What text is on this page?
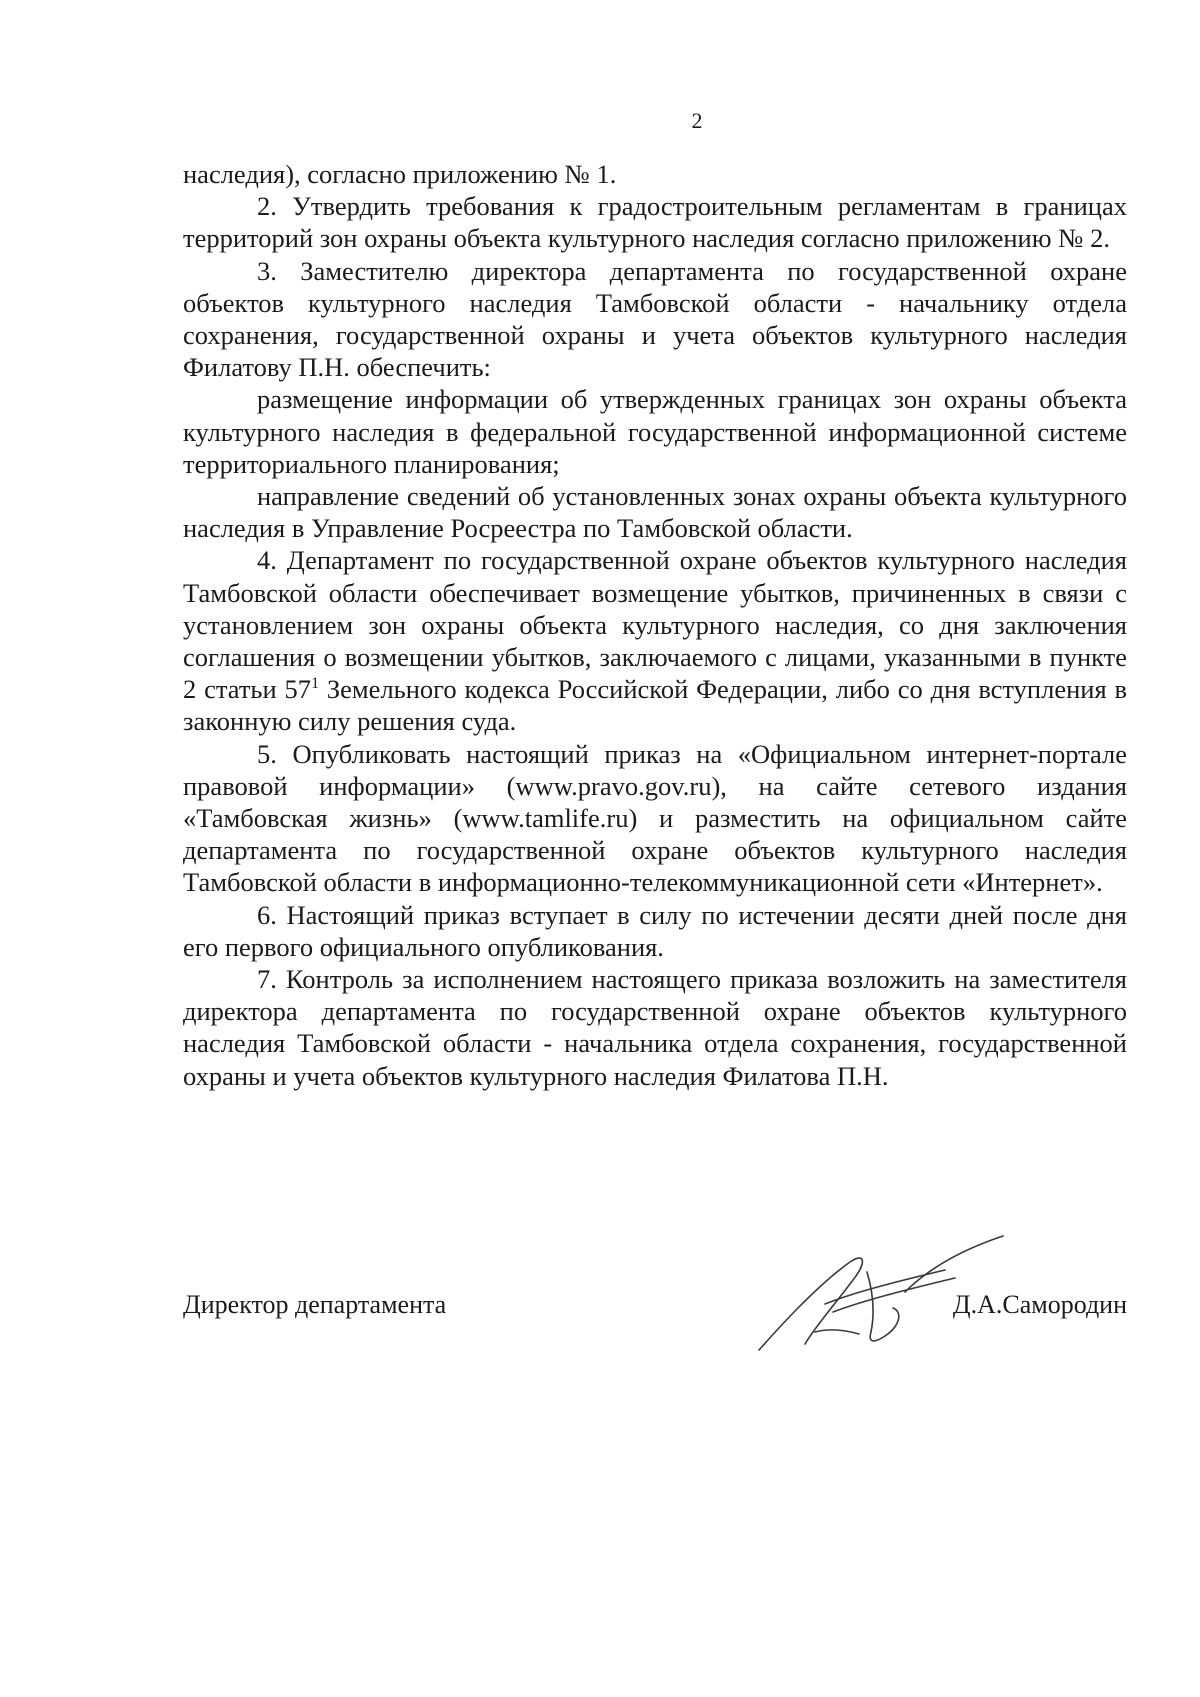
2

наследия), согласно приложению № 1.

2. Утвердить требования к градостроительным регламентам в границах территорий зон охраны объекта культурного наследия согласно приложению № 2.

3. Заместителю директора департамента по государственной охране объектов культурного наследия Тамбовской области - начальнику отдела сохранения, государственной охраны и учета объектов культурного наследия Филатову П.Н. обеспечить:

размещение информации об утвержденных границах зон охраны объекта культурного наследия в федеральной государственной информационной системе территориального планирования;

направление сведений об установленных зонах охраны объекта культурного наследия в Управление Росреестра по Тамбовской области.

4. Департамент по государственной охране объектов культурного наследия Тамбовской области обеспечивает возмещение убытков, причиненных в связи с установлением зон охраны объекта культурного наследия, со дня заключения соглашения о возмещении убытков, заключаемого с лицами, указанными в пункте 2 статьи $57^1$ Земельного кодекса Российской Федерации, либо со дня вступления в законную силу решения суда.

5. Опубликовать настоящий приказ на «Официальном интернет-портале правовой информации» (www.pravo.gov.ru), на сайте сетевого издания «Тамбовская жизнь» (www.tamlife.ru) и разместить на официальном сайте департамента по государственной охране объектов культурного наследия Тамбовской области в информационно-телекоммуникационной сети «Интернет».

6. Настоящий приказ вступает в силу по истечении десяти дней после дня его первого официального опубликования.

7. Контроль за исполнением настоящего приказа возложить на заместителя директора департамента по государственной охране объектов культурного наследия Тамбовской области - начальника отдела сохранения, государственной охраны и учета объектов культурного наследия Филатова П.Н.

Директор департамента	Д.А.Самородин
